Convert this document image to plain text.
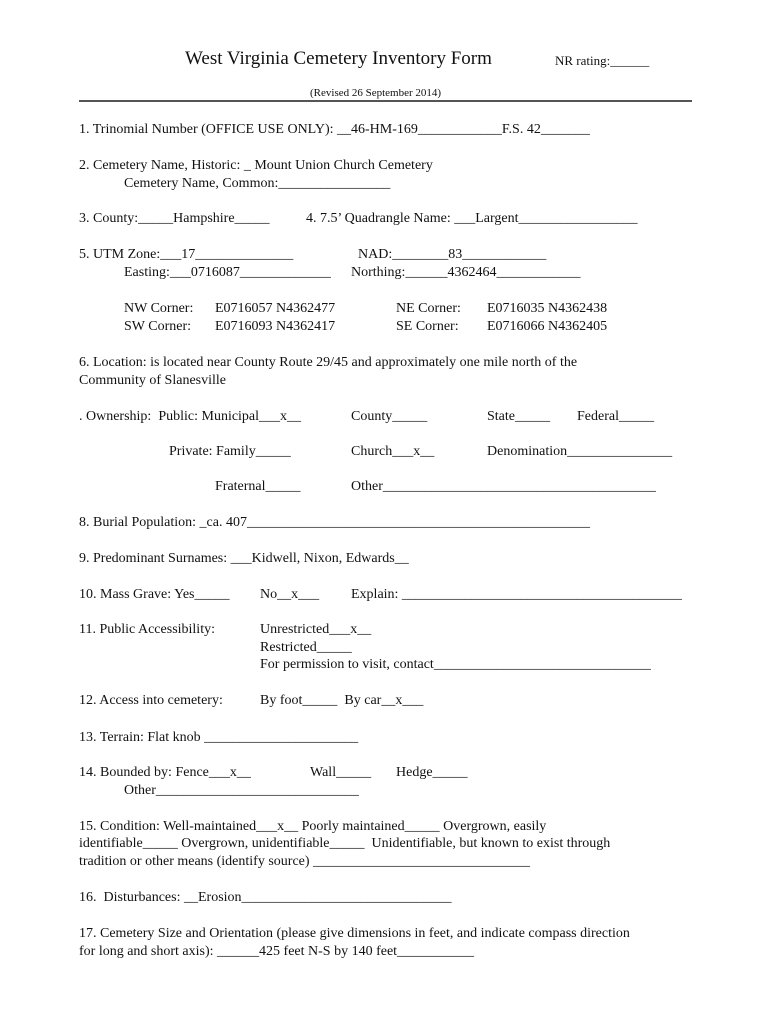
West Virginia Cemetery Inventory Form	NR rating:______
(Revised 26 September 2014)
1. Trinomial Number (OFFICE USE ONLY): __46-HM-169____________F.S. 42_______
2. Cemetery Name, Historic: _ Mount Union Church Cemetery
Cemetery Name, Common:________________
3. County:_____Hampshire_____	4. 7.5’ Quadrangle Name: ___Largent_________________
5. UTM Zone:___17______________	NAD:________83____________
Easting:___0716087_____________ Northing:______4362464____________
NW Corner: E0716057 N4362477	NE Corner: E0716035 N4362438
SW Corner: E0716093 N4362417	SE Corner: E0716066 N4362405
6. Location: is located near County Route 29/45 and approximately one mile north of the
Community of Slanesville
. Ownership:  Public: Municipal___x__	County_____	State_____ Federal_____
Private: Family_____	Church___x__	Denomination_______________
Fraternal_____	Other_______________________________________
8. Burial Population: _ca. 407_________________________________________________
9. Predominant Surnames: ___Kidwell, Nixon, Edwards__
10. Mass Grave: Yes_____ No__x___ Explain: ________________________________________
11. Public Accessibility:	Unrestricted___x__
Restricted_____
For permission to visit, contact_______________________________
12. Access into cemetery:	By foot_____  By car__x___
13. Terrain: Flat knob ______________________
14. Bounded by: Fence___x__	Wall_____ Hedge_____
Other_____________________________
15. Condition: Well-maintained___x__ Poorly maintained_____ Overgrown, easily
identifiable_____ Overgrown, unidentifiable_____  Unidentifiable, but known to exist through
tradition or other means (identify source) _______________________________
16.  Disturbances: __Erosion______________________________
17. Cemetery Size and Orientation (please give dimensions in feet, and indicate compass direction
for long and short axis): ______425 feet N-S by 140 feet___________
